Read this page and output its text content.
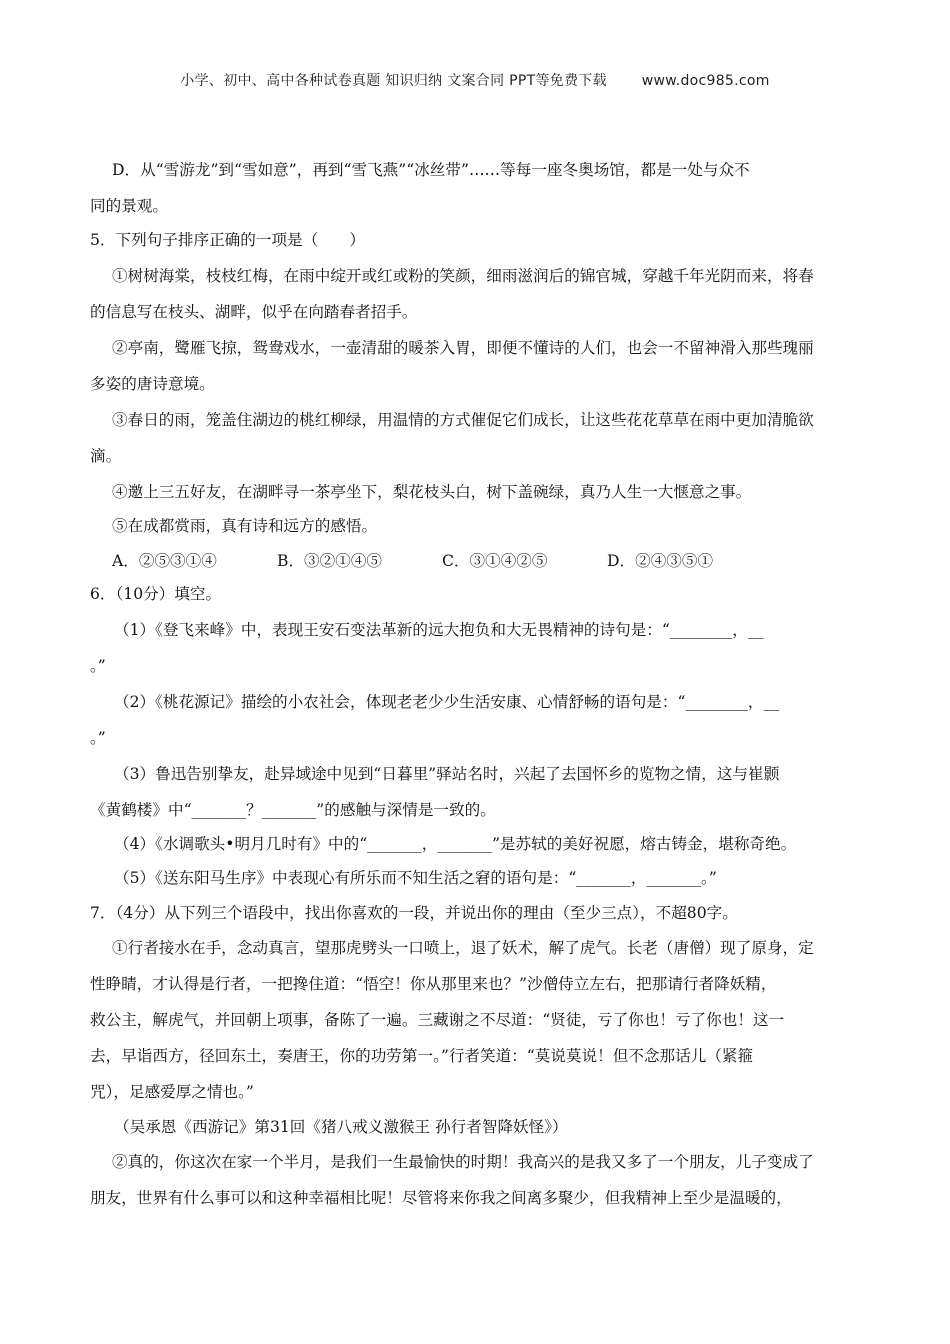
小学、初中、高中各种试卷真题 知识归纳 文案合同 PPT等免费下载 www.doc985.com
D．从“雪游龙”到“雪如意”，再到“雪飞燕”“冰丝带”……等每一座冬奥场馆，都是一处与众不
同的景观。
5．下列句子排序正确的一项是（　　）
①树树海棠，枝枝红梅，在雨中绽开或红或粉的笑颜，细雨滋润后的锦官城，穿越千年光阴而来，将春
的信息写在枝头、湖畔，似乎在向踏春者招手。
②亭南，鹭雁飞掠，鸳鸯戏水，一壶清甜的暖茶入胃，即便不懂诗的人们，也会一不留神滑入那些瑰丽
多姿的唐诗意境。
③春日的雨，笼盖住湖边的桃红柳绿，用温情的方式催促它们成长，让这些花花草草在雨中更加清脆欲
滴。
④邀上三五好友，在湖畔寻一茶亭坐下，梨花枝头白，树下盖碗绿，真乃人生一大惬意之事。
⑤在成都赏雨，真有诗和远方的感悟。
A．②⑤③①④	B．③②①④⑤	C．③①④②⑤	D．②④③⑤①
6．（10分）填空。
（1）《登飞来峰》中，表现王安石变法革新的远大抱负和大无畏精神的诗句是：“________，__
。”
（2）《桃花源记》描绘的小农社会，体现老老少少生活安康、心情舒畅的语句是：“________，__
。”
（3）鲁迅告别挚友，赴异域途中见到“日暮里”驿站名时，兴起了去国怀乡的览物之情，这与崔颢
《黄鹤楼》中“_______？_______”的感触与深情是一致的。
（4）《水调歌头•明月几时有》中的“_______，_______”是苏轼的美好祝愿，熔古铸金，堪称奇绝。
（5）《送东阳马生序》中表现心有所乐而不知生活之窘的语句是：“_______，_______。”
7．（4分）从下列三个语段中，找出你喜欢的一段，并说出你的理由（至少三点），不超80字。
①行者接水在手，念动真言，望那虎劈头一口喷上，退了妖术，解了虎气。长老（唐僧）现了原身，定
性睁睛，才认得是行者，一把搀住道：“悟空！你从那里来也？”沙僧侍立左右，把那请行者降妖精，
救公主，解虎气，并回朝上项事，备陈了一遍。三藏谢之不尽道：“贤徒，亏了你也！亏了你也！这一
去，早诣西方，径回东土，奏唐王，你的功劳第一。”行者笑道：“莫说莫说！但不念那话儿（紧箍
咒），足感爱厚之情也。”
（吴承恩《西游记》第31回《猪八戒义激猴王 孙行者智降妖怪》）
②真的，你这次在家一个半月，是我们一生最愉快的时期！我高兴的是我又多了一个朋友，儿子变成了
朋友，世界有什么事可以和这种幸福相比呢！尽管将来你我之间离多聚少，但我精神上至少是温暖的，
